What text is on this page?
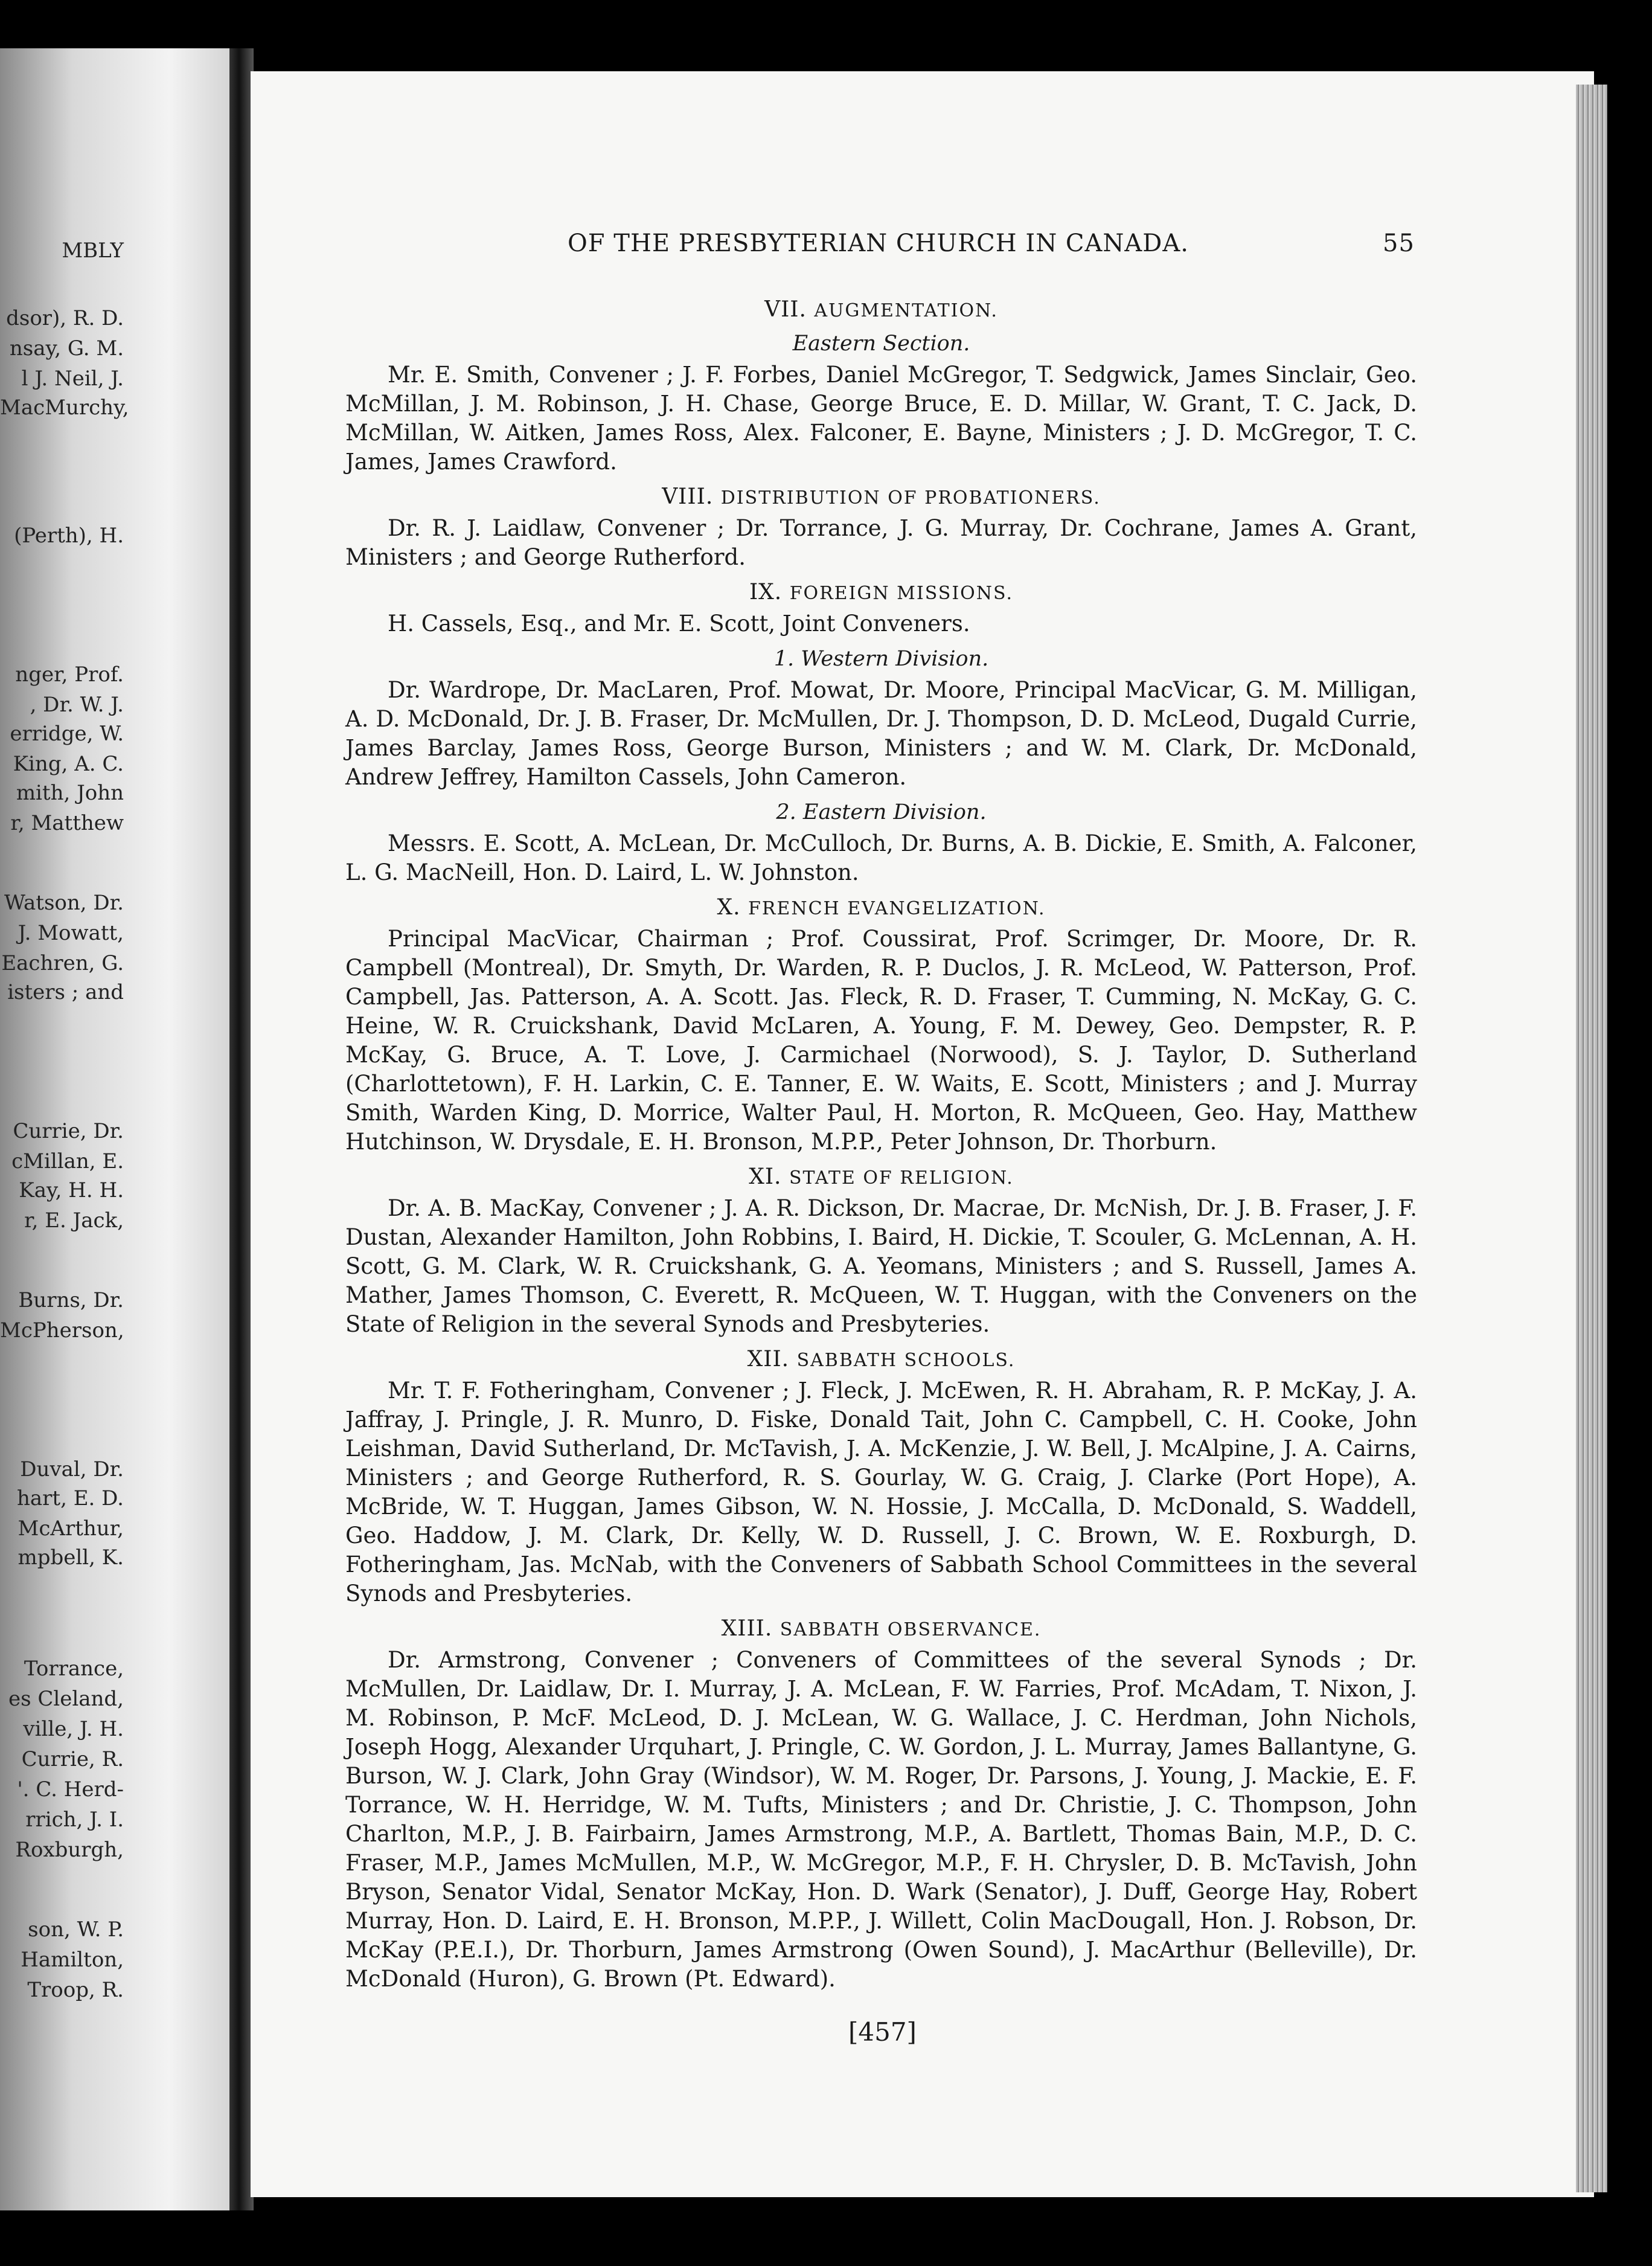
MBLY
dsor), R. D.
nsay, G. M.
l J. Neil, J.
MacMurchy,
(Perth), H.
nger, Prof.
, Dr. W. J.
erridge, W.
King, A. C.
mith, John
r, Matthew
Watson, Dr.
J. Mowatt,
Eachren, G.
isters ; and
Currie, Dr.
cMillan, E.
Kay, H. H.
r, E. Jack,
Burns, Dr.
McPherson,
Duval, Dr.
hart, E. D.
McArthur,
mpbell, K.
Torrance,
es Cleland,
ville, J. H.
Currie, R.
'. C. Herd-
rrich, J. I.
Roxburgh,
son, W. P.
Hamilton,
Troop, R.
OF THE PRESBYTERIAN CHURCH IN CANADA.	55
VII. AUGMENTATION.
Eastern Section.
Mr. E. Smith, Convener ; J. F. Forbes, Daniel McGregor, T. Sedgwick, James Sinclair, Geo. McMillan, J. M. Robinson, J. H. Chase, George Bruce, E. D. Millar, W. Grant, T. C. Jack, D. McMillan, W. Aitken, James Ross, Alex. Falconer, E. Bayne, Ministers ; J. D. McGregor, T. C. James, James Crawford.
VIII. DISTRIBUTION OF PROBATIONERS.
Dr. R. J. Laidlaw, Convener ; Dr. Torrance, J. G. Murray, Dr. Cochrane, James A. Grant, Ministers ; and George Rutherford.
IX. FOREIGN MISSIONS.
H. Cassels, Esq., and Mr. E. Scott, Joint Conveners.
1. Western Division.
Dr. Wardrope, Dr. MacLaren, Prof. Mowat, Dr. Moore, Principal MacVicar, G. M. Milligan, A. D. McDonald, Dr. J. B. Fraser, Dr. McMullen, Dr. J. Thompson, D. D. McLeod, Dugald Currie, James Barclay, James Ross, George Burson, Ministers ; and W. M. Clark, Dr. McDonald, Andrew Jeffrey, Hamilton Cassels, John Cameron.
2. Eastern Division.
Messrs. E. Scott, A. McLean, Dr. McCulloch, Dr. Burns, A. B. Dickie, E. Smith, A. Falconer, L. G. MacNeill, Hon. D. Laird, L. W. Johnston.
X. FRENCH EVANGELIZATION.
Principal MacVicar, Chairman ; Prof. Coussirat, Prof. Scrimger, Dr. Moore, Dr. R. Campbell (Montreal), Dr. Smyth, Dr. Warden, R. P. Duclos, J. R. McLeod, W. Patterson, Prof. Campbell, Jas. Patterson, A. A. Scott. Jas. Fleck, R. D. Fraser, T. Cumming, N. McKay, G. C. Heine, W. R. Cruickshank, David McLaren, A. Young, F. M. Dewey, Geo. Dempster, R. P. McKay, G. Bruce, A. T. Love, J. Carmichael (Norwood), S. J. Taylor, D. Sutherland (Charlottetown), F. H. Larkin, C. E. Tanner, E. W. Waits, E. Scott, Ministers ; and J. Murray Smith, Warden King, D. Morrice, Walter Paul, H. Morton, R. McQueen, Geo. Hay, Matthew Hutchinson, W. Drysdale, E. H. Bronson, M.P.P., Peter Johnson, Dr. Thorburn.
XI. STATE OF RELIGION.
Dr. A. B. MacKay, Convener ; J. A. R. Dickson, Dr. Macrae, Dr. McNish, Dr. J. B. Fraser, J. F. Dustan, Alexander Hamilton, John Robbins, I. Baird, H. Dickie, T. Scouler, G. McLennan, A. H. Scott, G. M. Clark, W. R. Cruickshank, G. A. Yeomans, Ministers ; and S. Russell, James A. Mather, James Thomson, C. Everett, R. McQueen, W. T. Huggan, with the Conveners on the State of Religion in the several Synods and Presbyteries.
XII. SABBATH SCHOOLS.
Mr. T. F. Fotheringham, Convener ; J. Fleck, J. McEwen, R. H. Abraham, R. P. McKay, J. A. Jaffray, J. Pringle, J. R. Munro, D. Fiske, Donald Tait, John C. Campbell, C. H. Cooke, John Leishman, David Sutherland, Dr. McTavish, J. A. McKenzie, J. W. Bell, J. McAlpine, J. A. Cairns, Ministers ; and George Rutherford, R. S. Gourlay, W. G. Craig, J. Clarke (Port Hope), A. McBride, W. T. Huggan, James Gibson, W. N. Hossie, J. McCalla, D. McDonald, S. Waddell, Geo. Haddow, J. M. Clark, Dr. Kelly, W. D. Russell, J. C. Brown, W. E. Roxburgh, D. Fotheringham, Jas. McNab, with the Conveners of Sabbath School Committees in the several Synods and Presbyteries.
XIII. SABBATH OBSERVANCE.
Dr. Armstrong, Convener ; Conveners of Committees of the several Synods ; Dr. McMullen, Dr. Laidlaw, Dr. I. Murray, J. A. McLean, F. W. Farries, Prof. McAdam, T. Nixon, J. M. Robinson, P. McF. McLeod, D. J. McLean, W. G. Wallace, J. C. Herdman, John Nichols, Joseph Hogg, Alexander Urquhart, J. Pringle, C. W. Gordon, J. L. Murray, James Ballantyne, G. Burson, W. J. Clark, John Gray (Windsor), W. M. Roger, Dr. Parsons, J. Young, J. Mackie, E. F. Torrance, W. H. Herridge, W. M. Tufts, Ministers ; and Dr. Christie, J. C. Thompson, John Charlton, M.P., J. B. Fairbairn, James Armstrong, M.P., A. Bartlett, Thomas Bain, M.P., D. C. Fraser, M.P., James McMullen, M.P., W. McGregor, M.P., F. H. Chrysler, D. B. McTavish, John Bryson, Senator Vidal, Senator McKay, Hon. D. Wark (Senator), J. Duff, George Hay, Robert Murray, Hon. D. Laird, E. H. Bronson, M.P.P., J. Willett, Colin MacDougall, Hon. J. Robson, Dr. McKay (P.E.I.), Dr. Thorburn, James Armstrong (Owen Sound), J. MacArthur (Belleville), Dr. McDonald (Huron), G. Brown (Pt. Edward).
[457]
